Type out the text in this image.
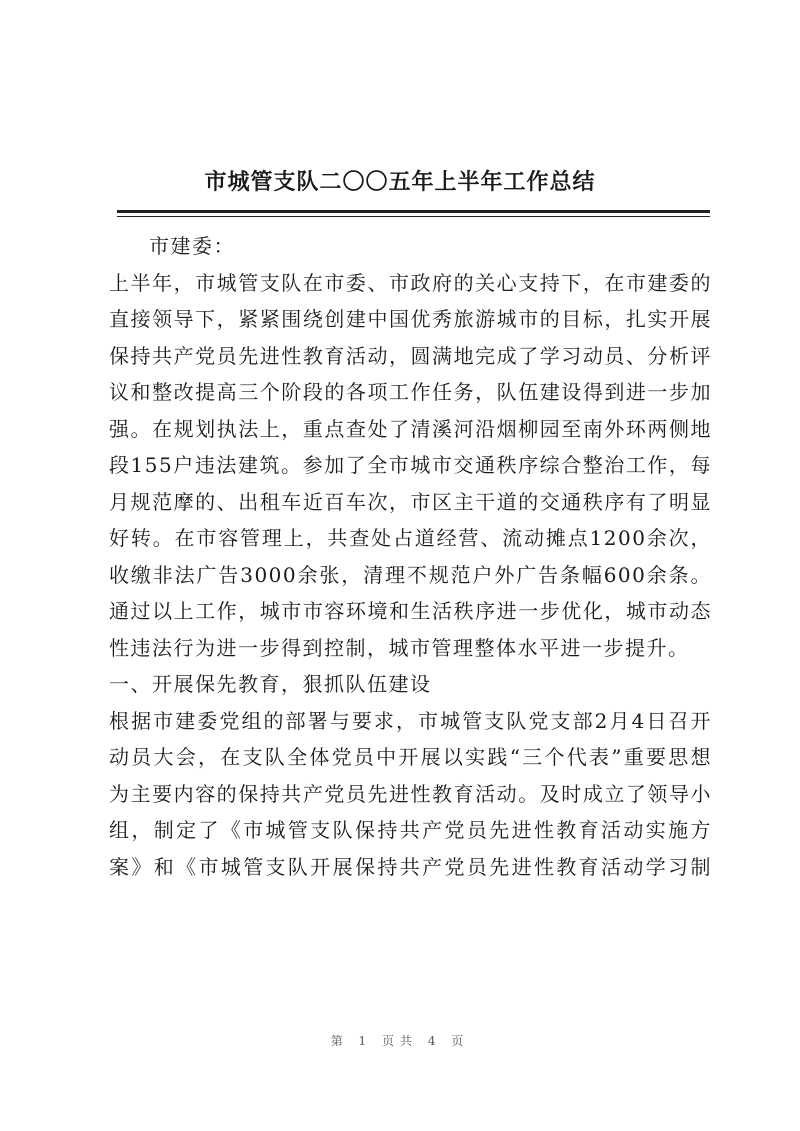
市城管支队二〇〇五年上半年工作总结
市建委：
上半年，市城管支队在市委、市政府的关心支持下，在市建委的
直接领导下，紧紧围绕创建中国优秀旅游城市的目标，扎实开展
保持共产党员先进性教育活动，圆满地完成了学习动员、分析评
议和整改提高三个阶段的各项工作任务，队伍建设得到进一步加
强。在规划执法上，重点查处了清溪河沿烟柳园至南外环两侧地
段155户违法建筑。参加了全市城市交通秩序综合整治工作，每
月规范摩的、出租车近百车次，市区主干道的交通秩序有了明显
好转。在市容管理上，共查处占道经营、流动摊点1200余次，
收缴非法广告3000余张，清理不规范户外广告条幅600余条。
通过以上工作，城市市容环境和生活秩序进一步优化，城市动态
性违法行为进一步得到控制，城市管理整体水平进一步提升。
一、开展保先教育，狠抓队伍建设
根据市建委党组的部署与要求，市城管支队党支部2月4日召开
动员大会，在支队全体党员中开展以实践“三个代表”重要思想
为主要内容的保持共产党员先进性教育活动。及时成立了领导小
组，制定了《市城管支队保持共产党员先进性教育活动实施方
案》和《市城管支队开展保持共产党员先进性教育活动学习制
第 1 页共 4 页
